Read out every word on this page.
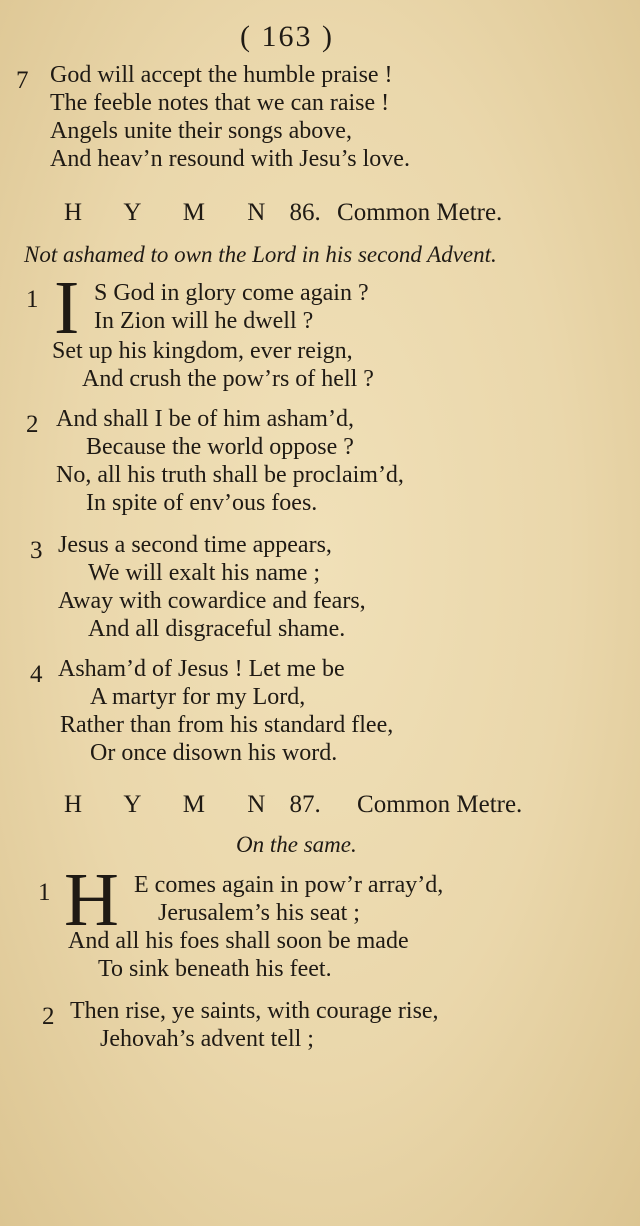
( 163 )
7 God will accept the humble praise !
The feeble notes that we can raise !
Angels unite their songs above,
And heav’n resound with Jesu’s love.
H Y M N 86. Common Metre.
Not ashamed to own the Lord in his second Advent.
1 I S God in glory come again ?
In Zion will he dwell ?
Set up his kingdom, ever reign,
And crush the pow’rs of hell ?
2 And shall I be of him asham’d,
Because the world oppose ?
No, all his truth shall be proclaim’d,
In spite of env’ous foes.
3 Jesus a second time appears,
We will exalt his name ;
Away with cowardice and fears,
And all disgraceful shame.
4 Asham’d of Jesus ! Let me be
A martyr for my Lord,
Rather than from his standard flee,
Or once disown his word.
H Y M N 87. Common Metre.
On the same.
1 H E comes again in pow’r array’d,
Jerusalem’s his seat ;
And all his foes shall soon be made
To sink beneath his feet.
2 Then rise, ye saints, with courage rise,
Jehovah’s advent tell ;
